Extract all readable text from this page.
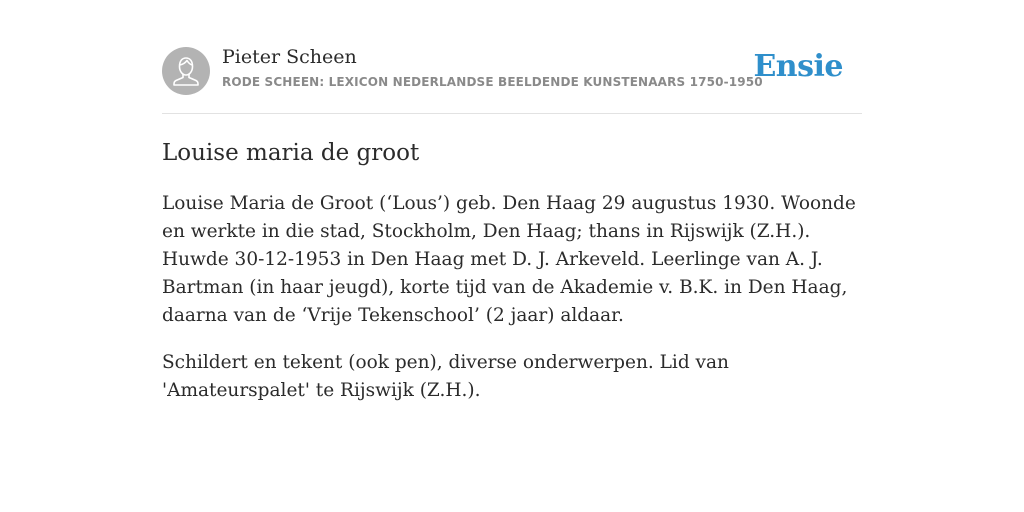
Pieter Scheen
RODE SCHEEN: LEXICON NEDERLANDSE BEELDENDE KUNSTENAARS 1750-1950
Ensie
Louise maria de groot

Louise Maria de Groot (‘Lous’) geb. Den Haag 29 augustus 1930. Woonde en werkte in die stad, Stockholm, Den Haag; thans in Rijswijk (Z.H.). Huwde 30-12-1953 in Den Haag met D. J. Arkeveld. Leerlinge van A. J. Bartman (in haar jeugd), korte tijd van de Akademie v. B.K. in Den Haag, daarna van de ‘Vrije Tekenschool’ (2 jaar) aldaar.

Schildert en tekent (ook pen), diverse onderwerpen. Lid van 'Amateurspalet' te Rijswijk (Z.H.).
